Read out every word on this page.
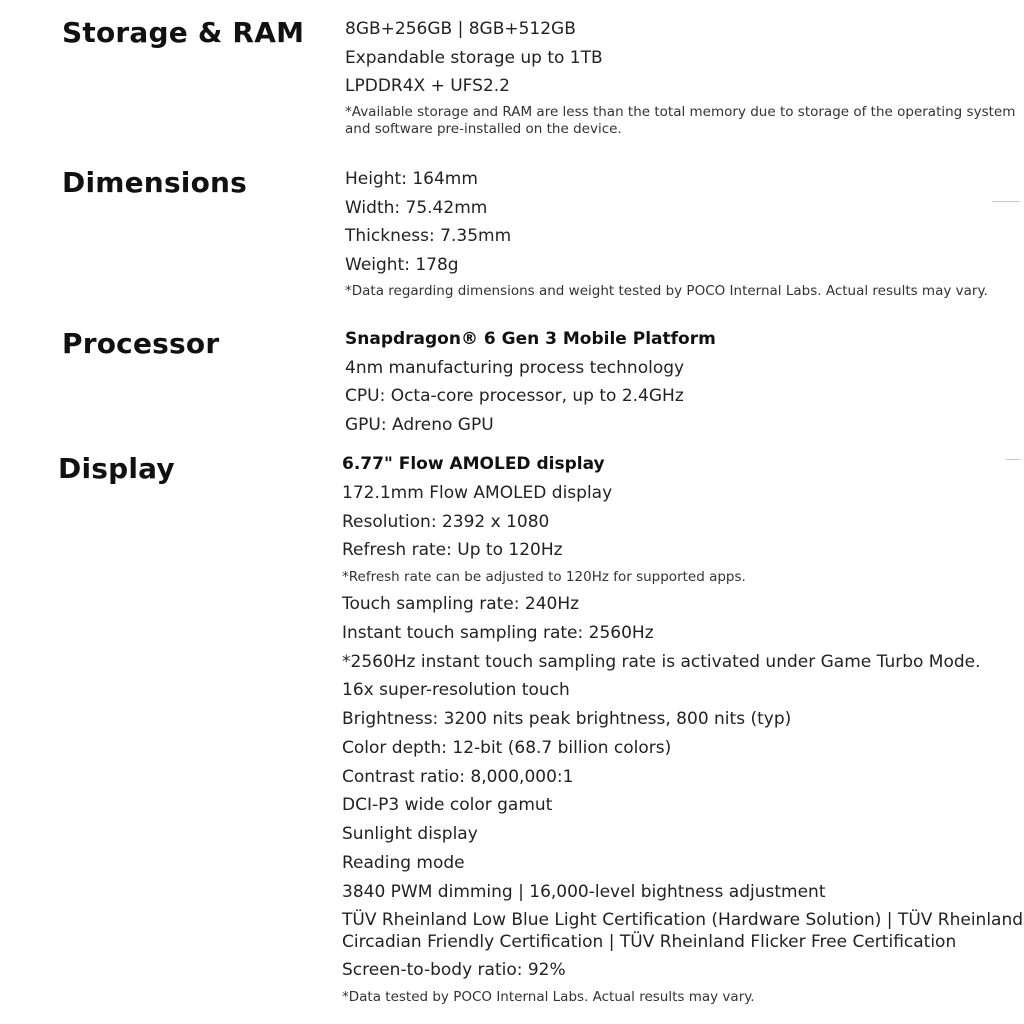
Storage & RAM 8GB+256GB | 8GB+512GB
Expandable storage up to 1TB
LPDDR4X + UFS2.2
*Available storage and RAM are less than the total memory due to storage of the operating system
and software pre-installed on the device.
Dimensions	Height: 164mm
Width: 75.42mm
Thickness: 7.35mm
Weight: 178g
*Data regarding dimensions and weight tested by POCO Internal Labs. Actual results may vary.
Processor	Snapdragon® 6 Gen 3 Mobile Platform
4nm manufacturing process technology
CPU: Octa-core processor, up to 2.4GHz
GPU: Adreno GPU
Display	6.77" Flow AMOLED display
172.1mm Flow AMOLED display
Resolution: 2392 x 1080
Refresh rate: Up to 120Hz
*Refresh rate can be adjusted to 120Hz for supported apps.
Touch sampling rate: 240Hz
Instant touch sampling rate: 2560Hz
*2560Hz instant touch sampling rate is activated under Game Turbo Mode.
16x super-resolution touch
Brightness: 3200 nits peak brightness, 800 nits (typ)
Color depth: 12-bit (68.7 billion colors)
Contrast ratio: 8,000,000:1
DCI-P3 wide color gamut
Sunlight display
Reading mode
3840 PWM dimming | 16,000-level bightness adjustment
TÜV Rheinland Low Blue Light Certification (Hardware Solution) | TÜV Rheinland
Circadian Friendly Certification | TÜV Rheinland Flicker Free Certification
Screen-to-body ratio: 92%
*Data tested by POCO Internal Labs. Actual results may vary.
